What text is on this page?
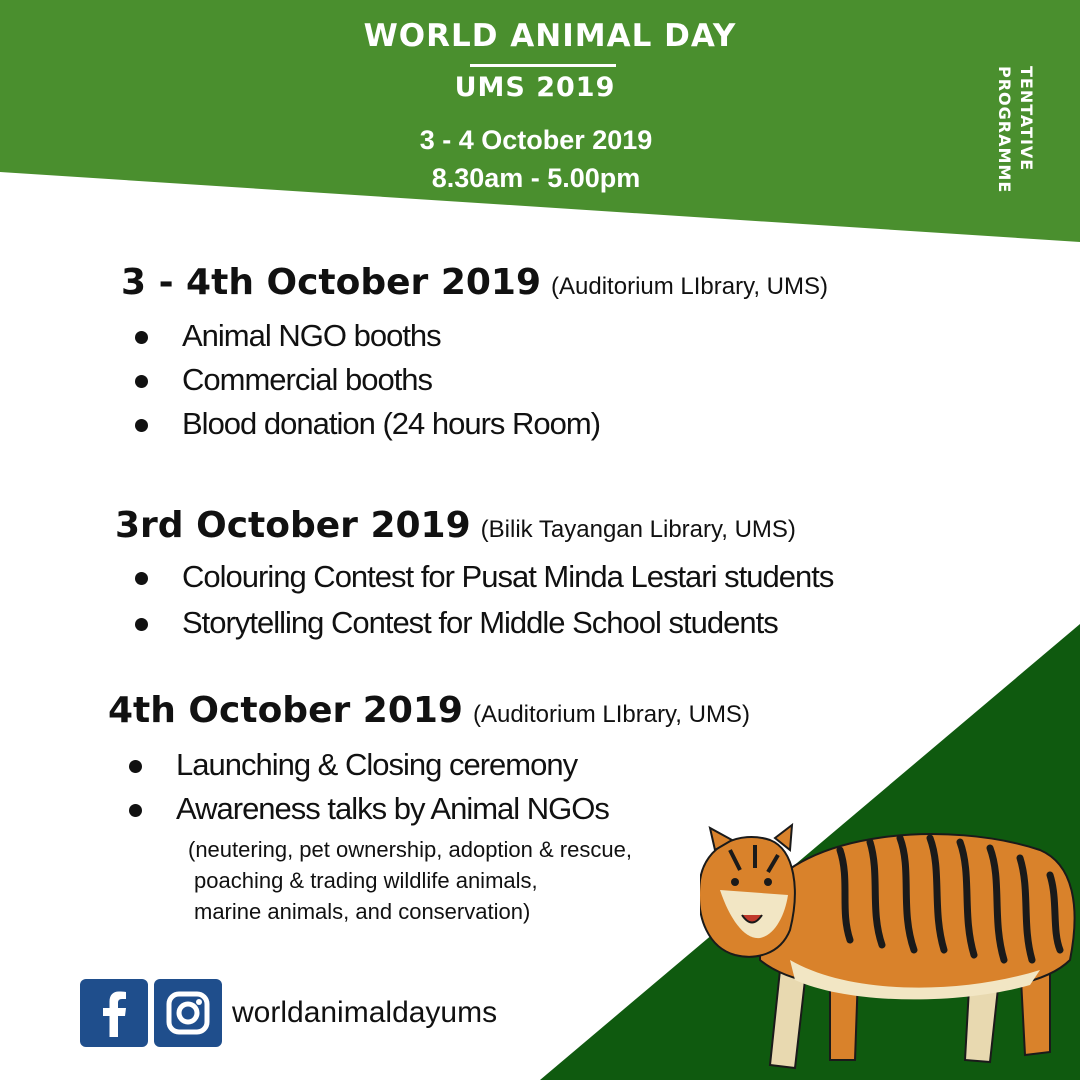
WORLD ANIMAL DAY
UMS 2019
3 - 4 October 2019
8.30am - 5.00pm
TENTATIVE
PROGRAMME
3 - 4th October 2019 (Auditorium LIbrary, UMS)
Animal NGO booths
Commercial booths
Blood donation (24 hours Room)
3rd October 2019 (Bilik Tayangan Library, UMS)
Colouring Contest for Pusat Minda Lestari students
Storytelling Contest for Middle School students
4th October 2019 (Auditorium LIbrary, UMS)
Launching & Closing ceremony
Awareness talks by Animal NGOs
(neutering, pet ownership, adoption & rescue,
poaching & trading wildlife animals,
marine animals, and conservation)
worldanimaldayums
